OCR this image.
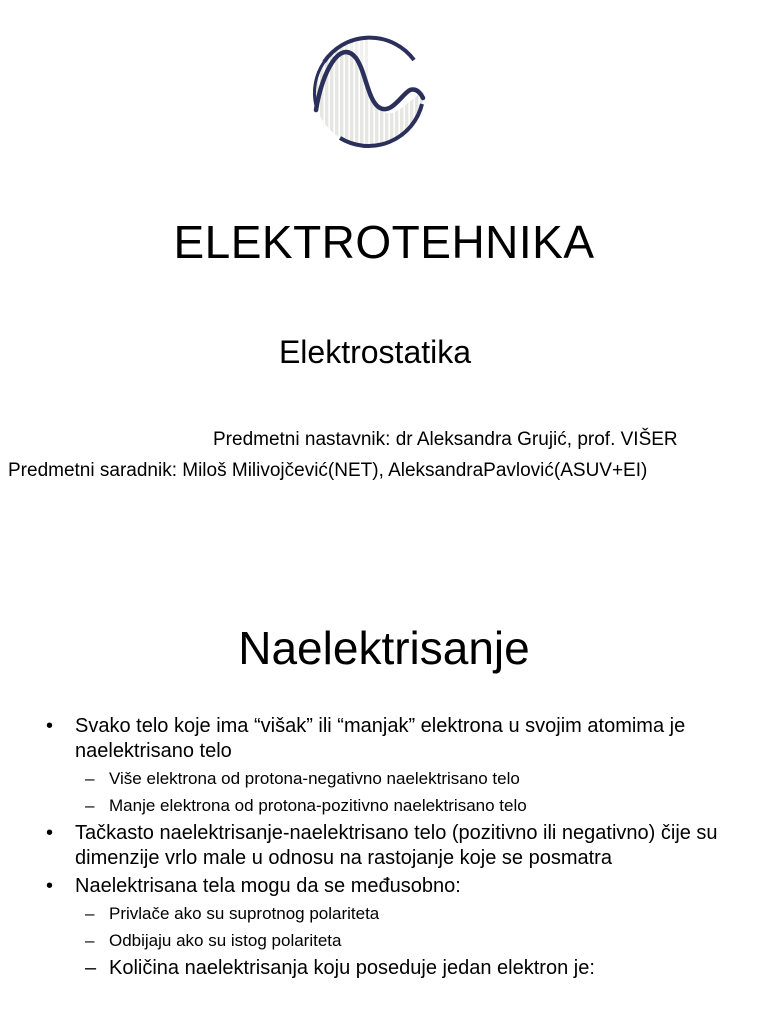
ELEKTROTEHNIKA
Elektrostatika
Predmetni nastavnik: dr Aleksandra Grujić, prof. VIŠER
Predmetni saradnik: Miloš Milivojčević(NET), AleksandraPavlović(ASUV+EI)
Naelektrisanje
• Svako telo koje ima “višak” ili “manjak” elektrona u svojim atomima je naelektrisano telo
– Više elektrona od protona-negativno naelektrisano telo
– Manje elektrona od protona-pozitivno naelektrisano telo
• Tačkasto naelektrisanje-naelektrisano telo (pozitivno ili negativno) čije su dimenzije vrlo male u odnosu na rastojanje koje se posmatra
• Naelektrisana tela mogu da se međusobno:
– Privlače ako su suprotnog polariteta
– Odbijaju ako su istog polariteta
– Količina naelektrisanja koju poseduje jedan elektron je:
